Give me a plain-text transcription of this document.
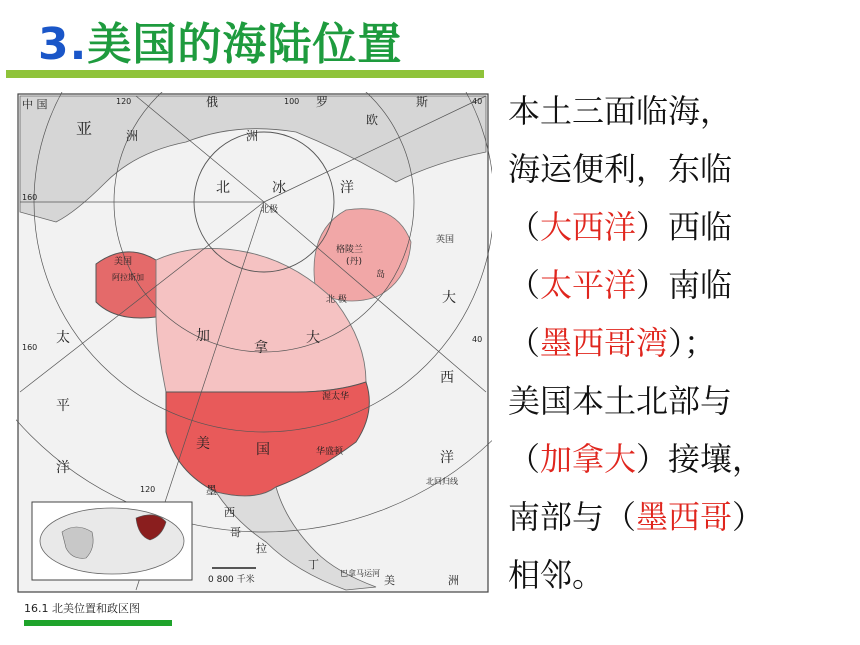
3.美国的海陆位置
中 国
亚	洲
俄	罗	斯
欧
洲
北	冰	洋
北极
格陵兰
(丹)
岛
北 极
英国
美国
阿拉斯加
大
西
洋
太
平
洋
加
拿
大
渥太华
美	国	华盛顿
墨
西
哥
拉
丁
美	洲
巴拿马运河
北回归线
120	100	40
160
160
120
40
0 800 千米
16.1 北美位置和政区图
本土三面临海，
海运便利，东临
（大西洋）西临
（太平洋）南临
（墨西哥湾）；
美国本土北部与
（加拿大）接壤，
南部与（墨西哥）
相邻。
